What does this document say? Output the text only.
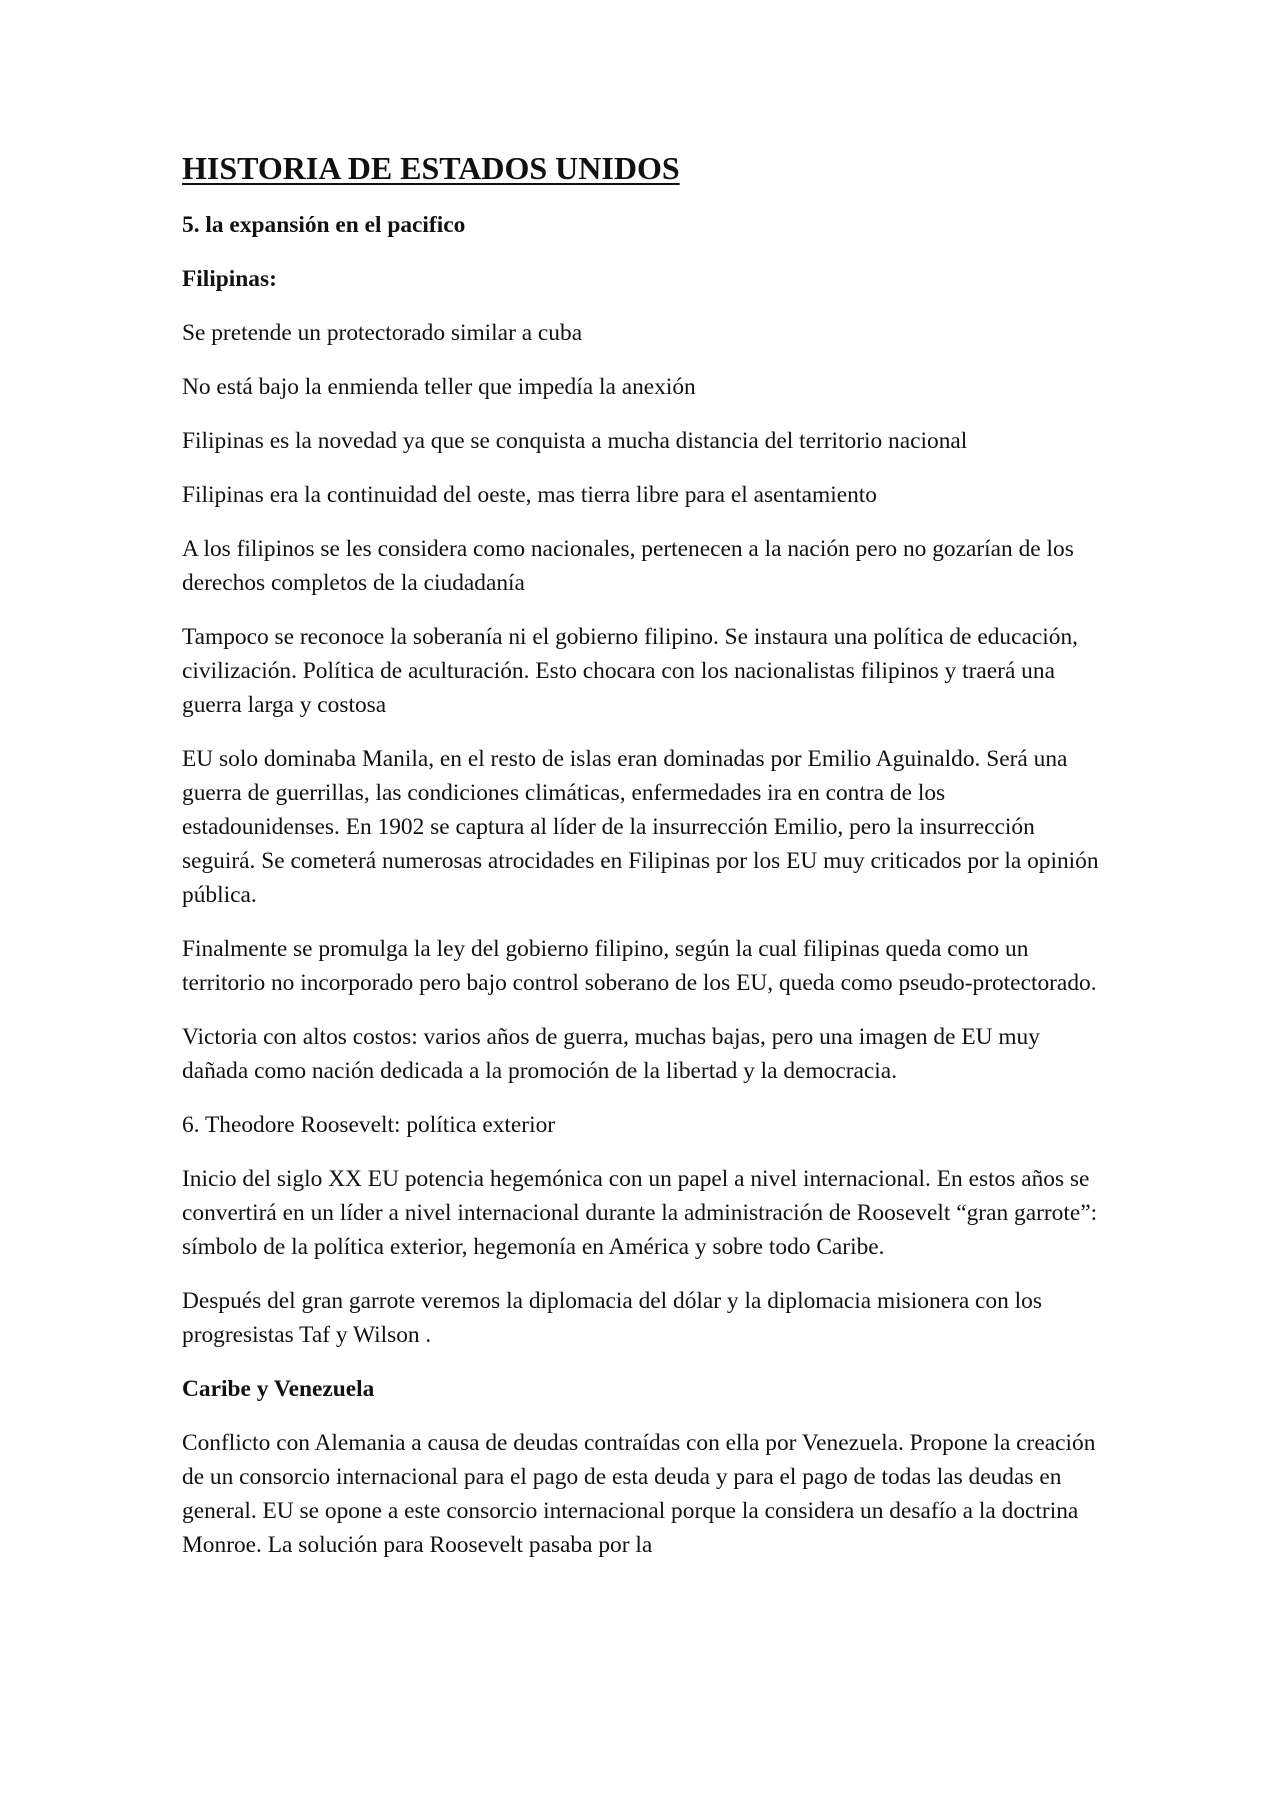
HISTORIA DE ESTADOS UNIDOS
5. la expansión en el pacifico
Filipinas:
Se pretende un protectorado similar a cuba
No está bajo la enmienda teller que impedía la anexión
Filipinas es la novedad ya que se conquista a mucha distancia del territorio nacional
Filipinas era la continuidad del oeste, mas tierra libre para el asentamiento
A los filipinos se les considera como nacionales, pertenecen a la nación pero no gozarían de los derechos completos de la ciudadanía
Tampoco se reconoce la soberanía ni el gobierno filipino. Se instaura una política de educación, civilización. Política de aculturación. Esto chocara con los nacionalistas filipinos y traerá una guerra larga y costosa
EU solo dominaba Manila, en el resto de islas eran dominadas por Emilio Aguinaldo. Será una guerra de guerrillas, las condiciones climáticas, enfermedades ira en contra de los estadounidenses. En 1902 se captura al líder de la insurrección Emilio, pero la insurrección seguirá. Se cometerá numerosas atrocidades en Filipinas por los EU muy criticados por la opinión pública.
Finalmente se promulga la ley del gobierno filipino, según la cual filipinas queda como un territorio no incorporado pero bajo control soberano de los EU, queda como pseudo-protectorado.
Victoria con altos costos: varios años de guerra, muchas bajas, pero una imagen de EU muy dañada como nación dedicada a la promoción de la libertad y la democracia.
6. Theodore Roosevelt: política exterior
Inicio del siglo XX EU potencia hegemónica con un papel a nivel internacional. En estos años se convertirá en un líder a nivel internacional durante la administración de Roosevelt “gran garrote”: símbolo de la política exterior, hegemonía en América y sobre todo Caribe.
Después del gran garrote veremos la diplomacia del dólar y la diplomacia misionera con los progresistas Taf y Wilson .
Caribe y Venezuela
Conflicto con Alemania a causa de deudas contraídas con ella por Venezuela. Propone la creación de un consorcio internacional para el pago de esta deuda y para el pago de todas las deudas en general. EU se opone a este consorcio internacional porque la considera un desafío a la doctrina Monroe. La solución para Roosevelt pasaba por la
